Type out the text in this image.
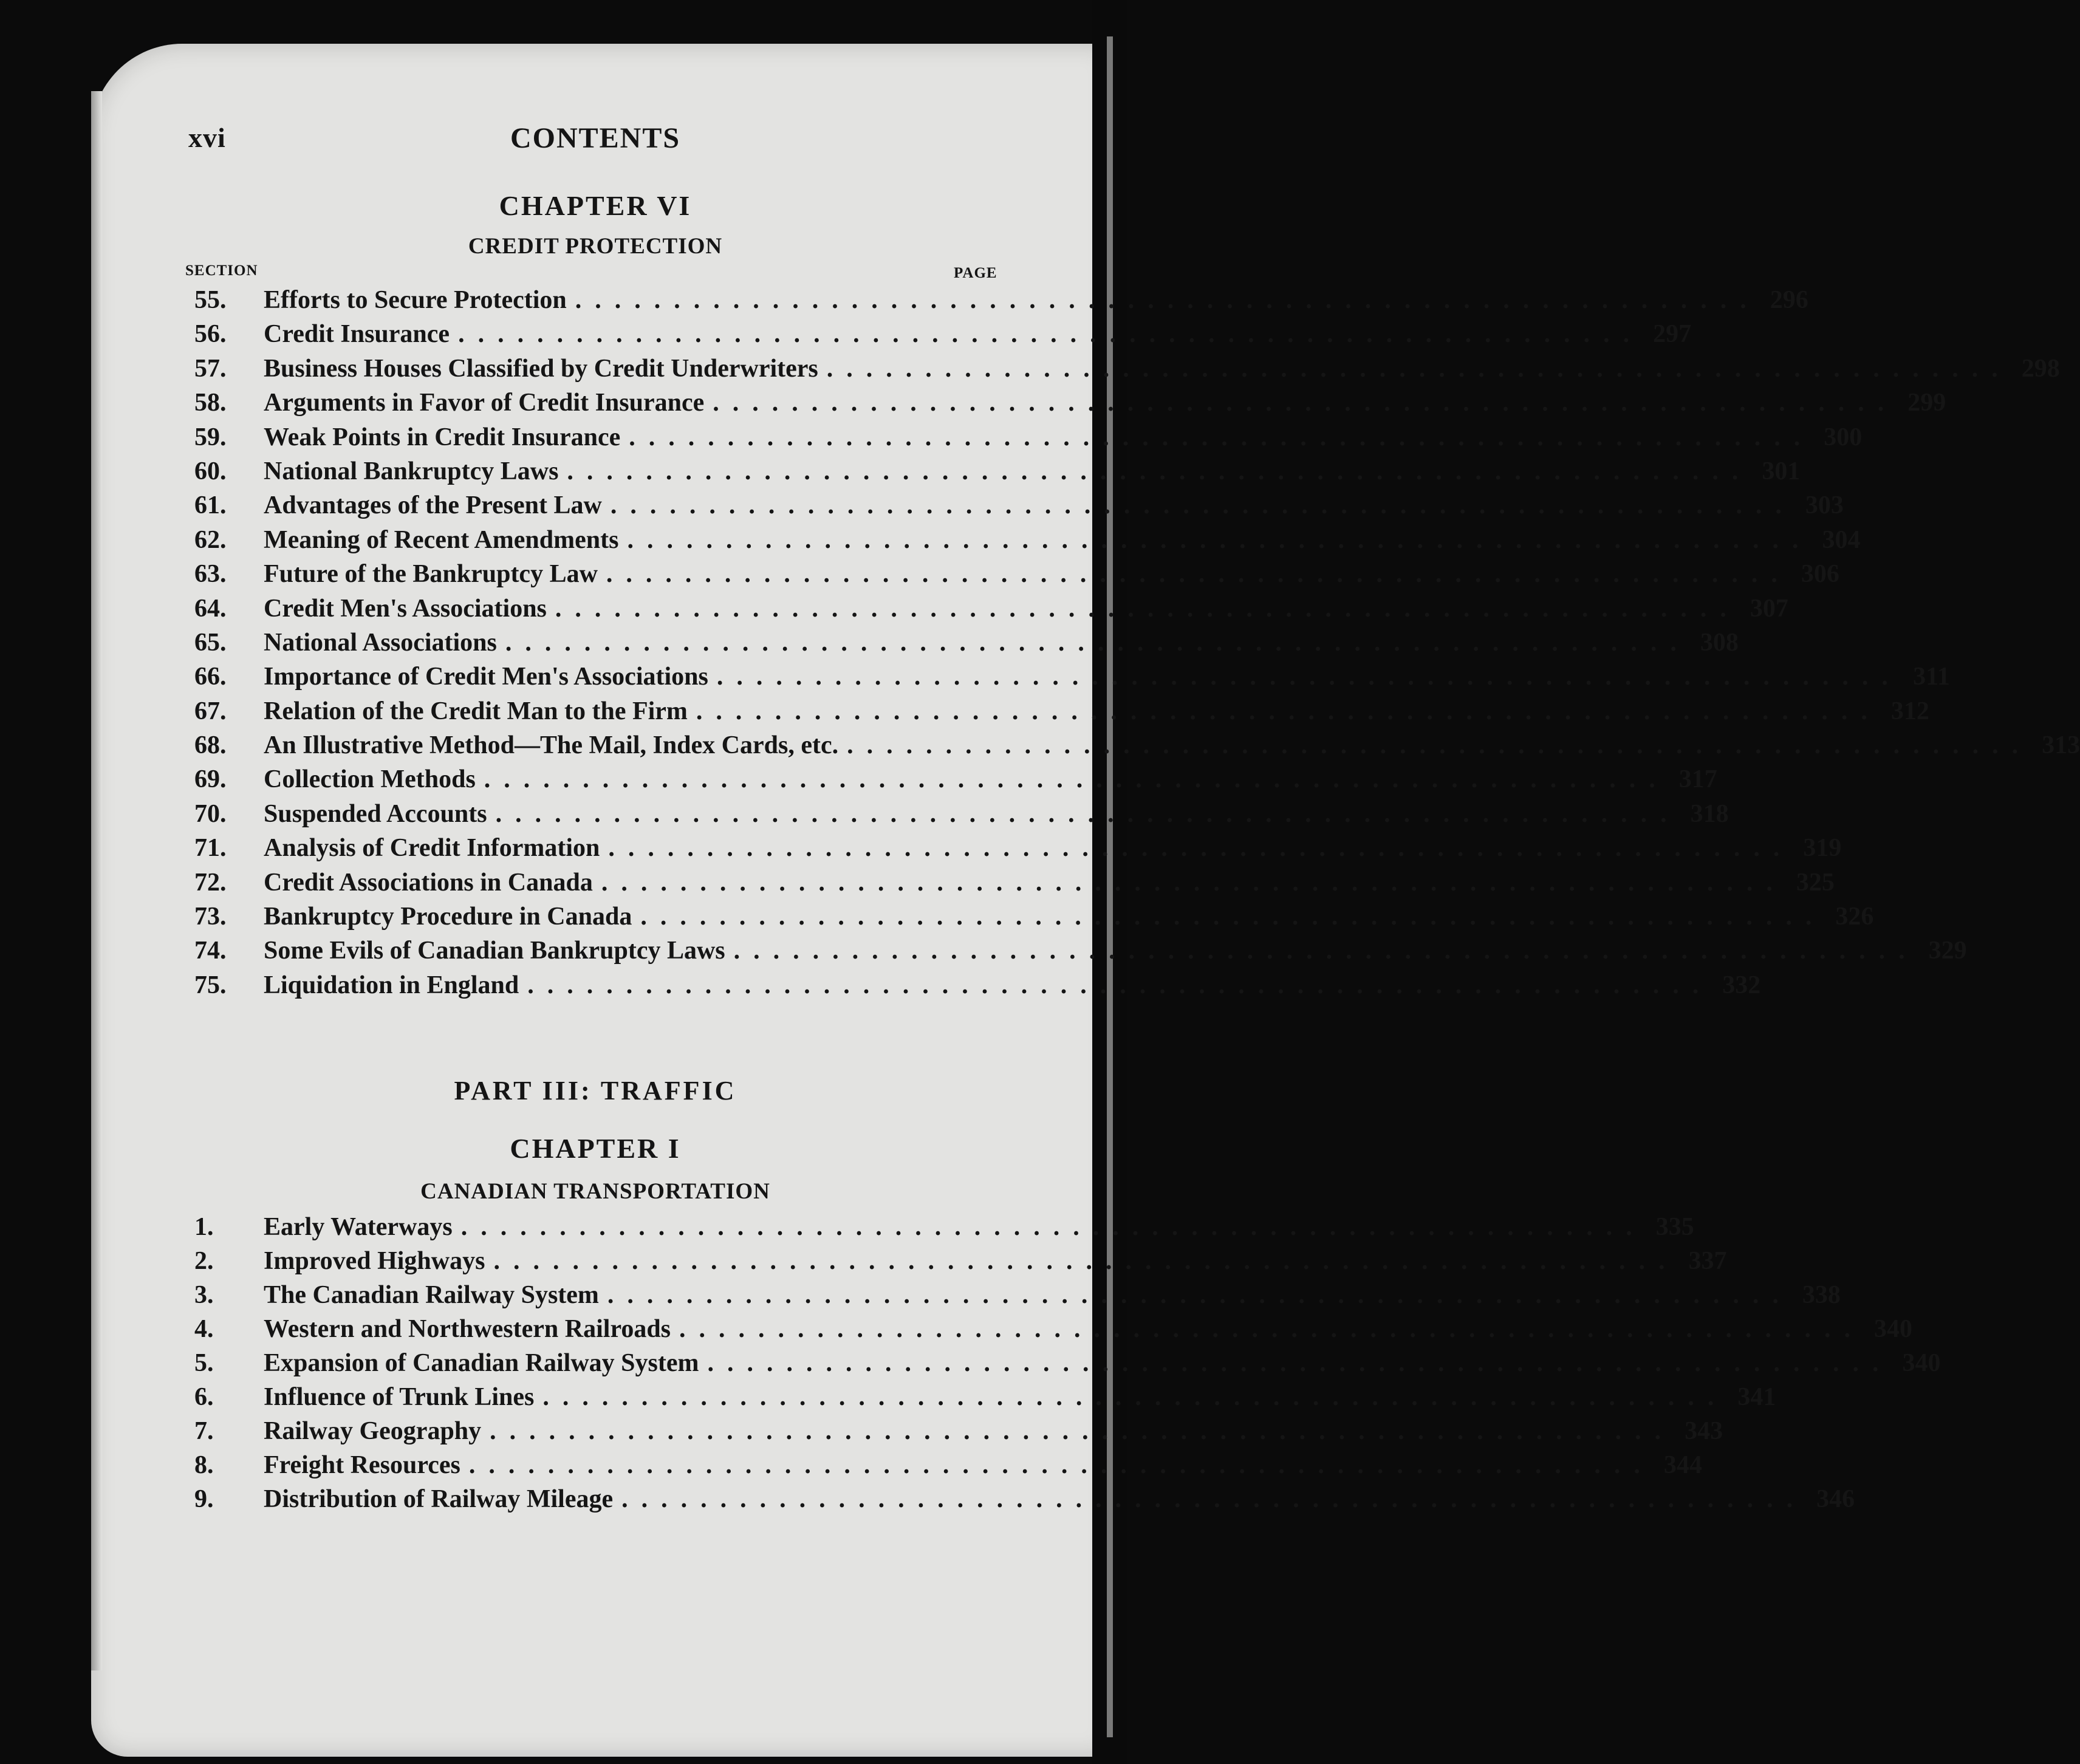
CONTENTS
xvi
CHAPTER VI
CREDIT PROTECTION
SECTION	PAGE
55.	Efforts to Secure Protection ............................................................ 296
56.	Credit Insurance ............................................................ 297
57.	Business Houses Classified by Credit Underwriters ............................................................ 298
58.	Arguments in Favor of Credit Insurance ............................................................ 299
59.	Weak Points in Credit Insurance ............................................................ 300
60.	National Bankruptcy Laws ............................................................ 301
61.	Advantages of the Present Law ............................................................ 303
62.	Meaning of Recent Amendments ............................................................ 304
63.	Future of the Bankruptcy Law ............................................................ 306
64.	Credit Men's Associations ............................................................ 307
65.	National Associations ............................................................ 308
66.	Importance of Credit Men's Associations ............................................................ 311
67.	Relation of the Credit Man to the Firm ............................................................ 312
68.	An Illustrative Method—The Mail, Index Cards, etc. ............................................................ 313
69.	Collection Methods ............................................................ 317
70.	Suspended Accounts ............................................................ 318
71.	Analysis of Credit Information ............................................................ 319
72.	Credit Associations in Canada ............................................................ 325
73.	Bankruptcy Procedure in Canada ............................................................ 326
74.	Some Evils of Canadian Bankruptcy Laws ............................................................ 329
75.	Liquidation in England ............................................................ 332
PART III: TRAFFIC
CHAPTER I
CANADIAN TRANSPORTATION
1.	Early Waterways ............................................................ 335
2.	Improved Highways ............................................................ 337
3.	The Canadian Railway System ............................................................ 338
4.	Western and Northwestern Railroads ............................................................ 340
5.	Expansion of Canadian Railway System ............................................................ 340
6.	Influence of Trunk Lines ............................................................ 341
7.	Railway Geography ............................................................ 343
8.	Freight Resources ............................................................ 344
9.	Distribution of Railway Mileage ............................................................ 346
